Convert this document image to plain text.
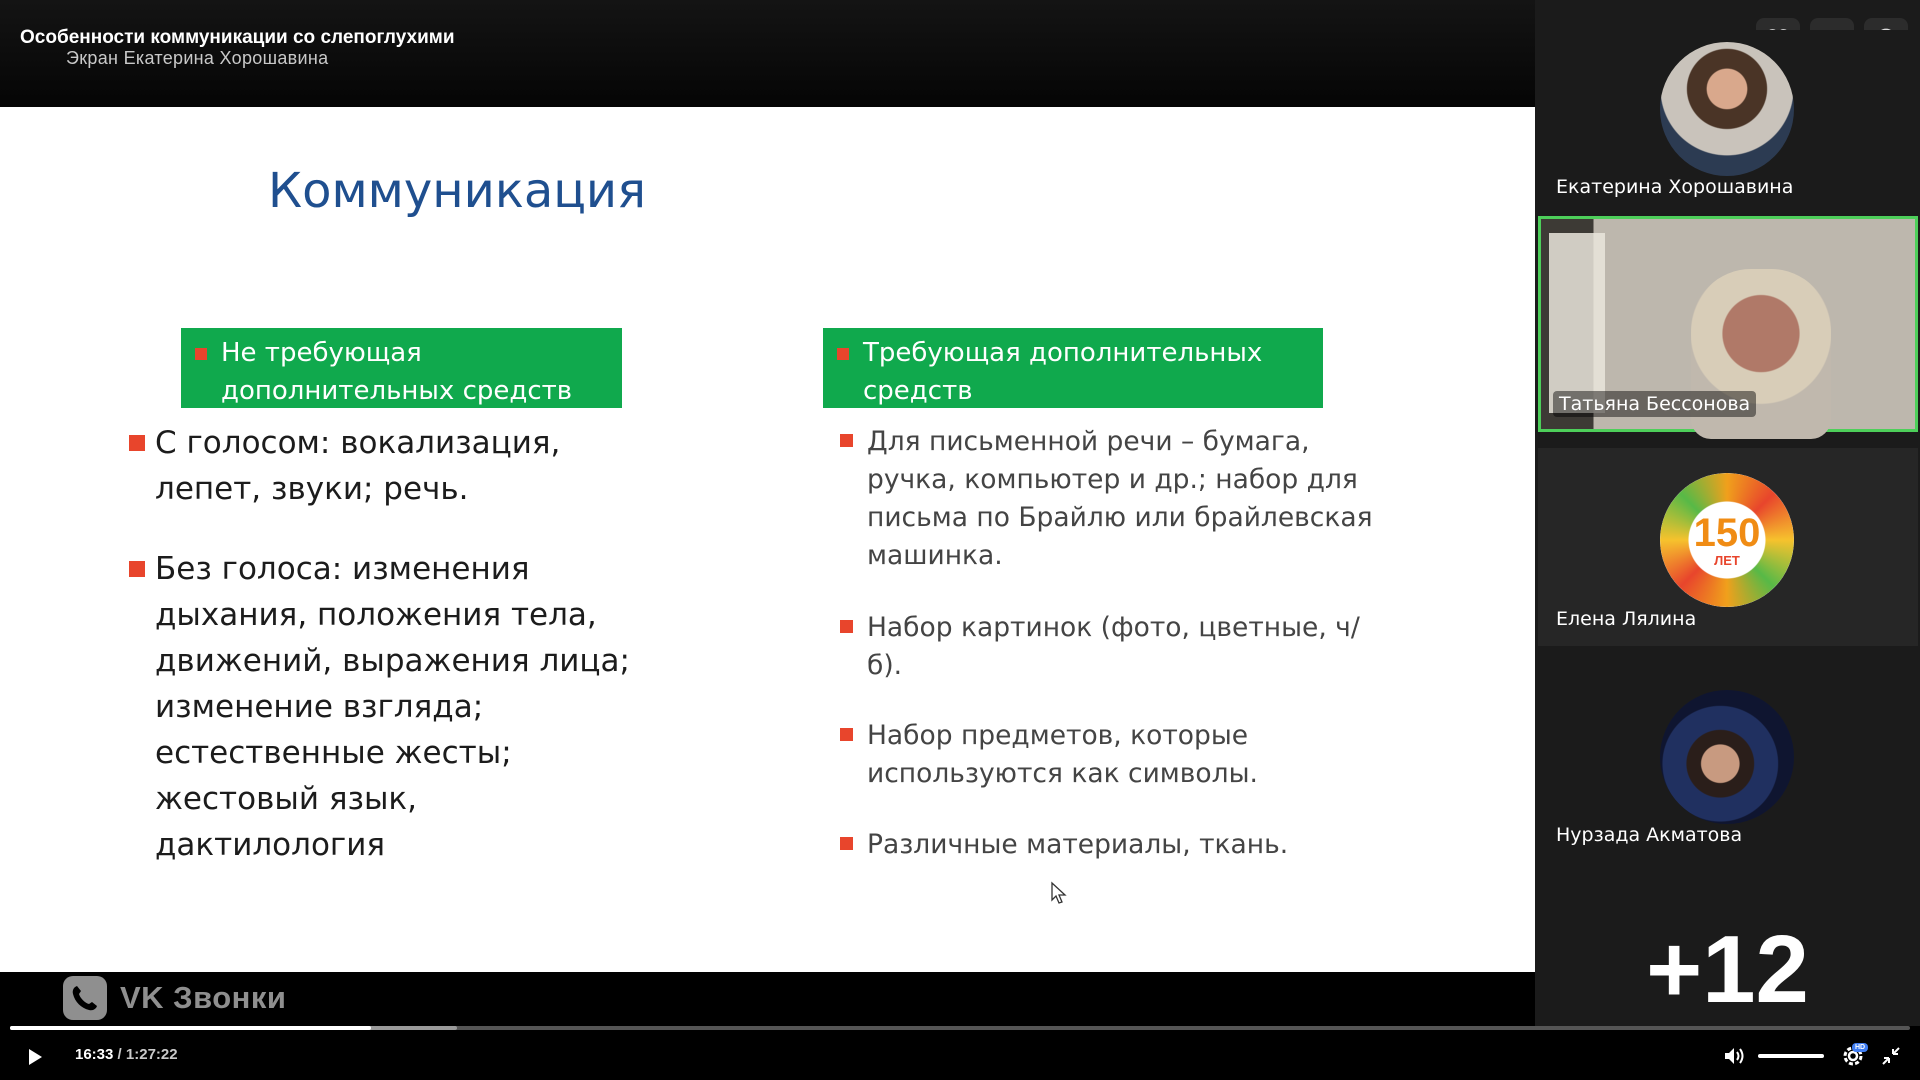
Особенности коммуникации со слепоглухими
Экран Екатерина Хорошавина
Коммуникация
Не требующая дополнительных средств
Требующая дополнительных средств
С голосом: вокализация, лепет, звуки; речь.
Без голоса: изменения дыхания, положения тела, движений, выражения лица; изменение взгляда; естественные жесты; жестовый язык, дактилология
Для письменной речи – бумага, ручка, компьютер и др.; набор для письма по Брайлю или брайлевская машинка.
Набор картинок (фото, цветные, ч/б).
Набор предметов, которые используются как символы.
Различные материалы, ткань.
VK Звонки
16:33 / 1:27:22	HD
Екатерина Хорошавина
Татьяна Бессонова
150
ЛЕТ
Елена Лялина
Нурзада Акматова
+12
